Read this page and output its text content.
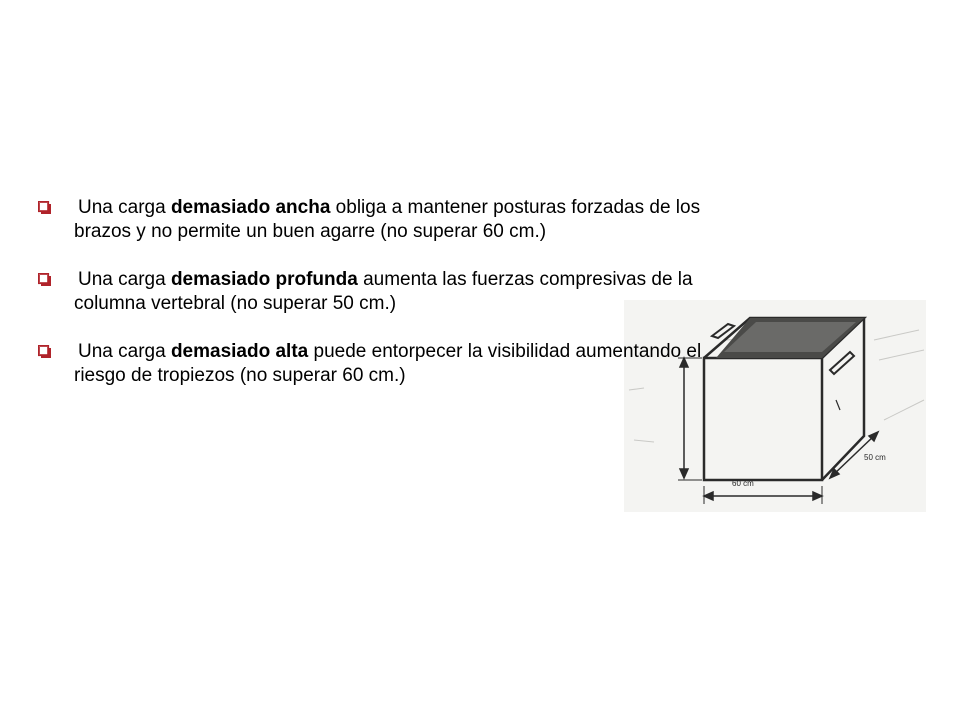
60 cm
50 cm
Una carga demasiado ancha obliga a mantener posturas forzadas de los brazos y no permite un buen agarre (no superar 60 cm.)
Una carga demasiado profunda aumenta las fuerzas compresivas de la columna vertebral (no superar 50 cm.)
Una carga demasiado alta puede entorpecer la visibilidad aumentando el riesgo de tropiezos (no superar 60 cm.)
